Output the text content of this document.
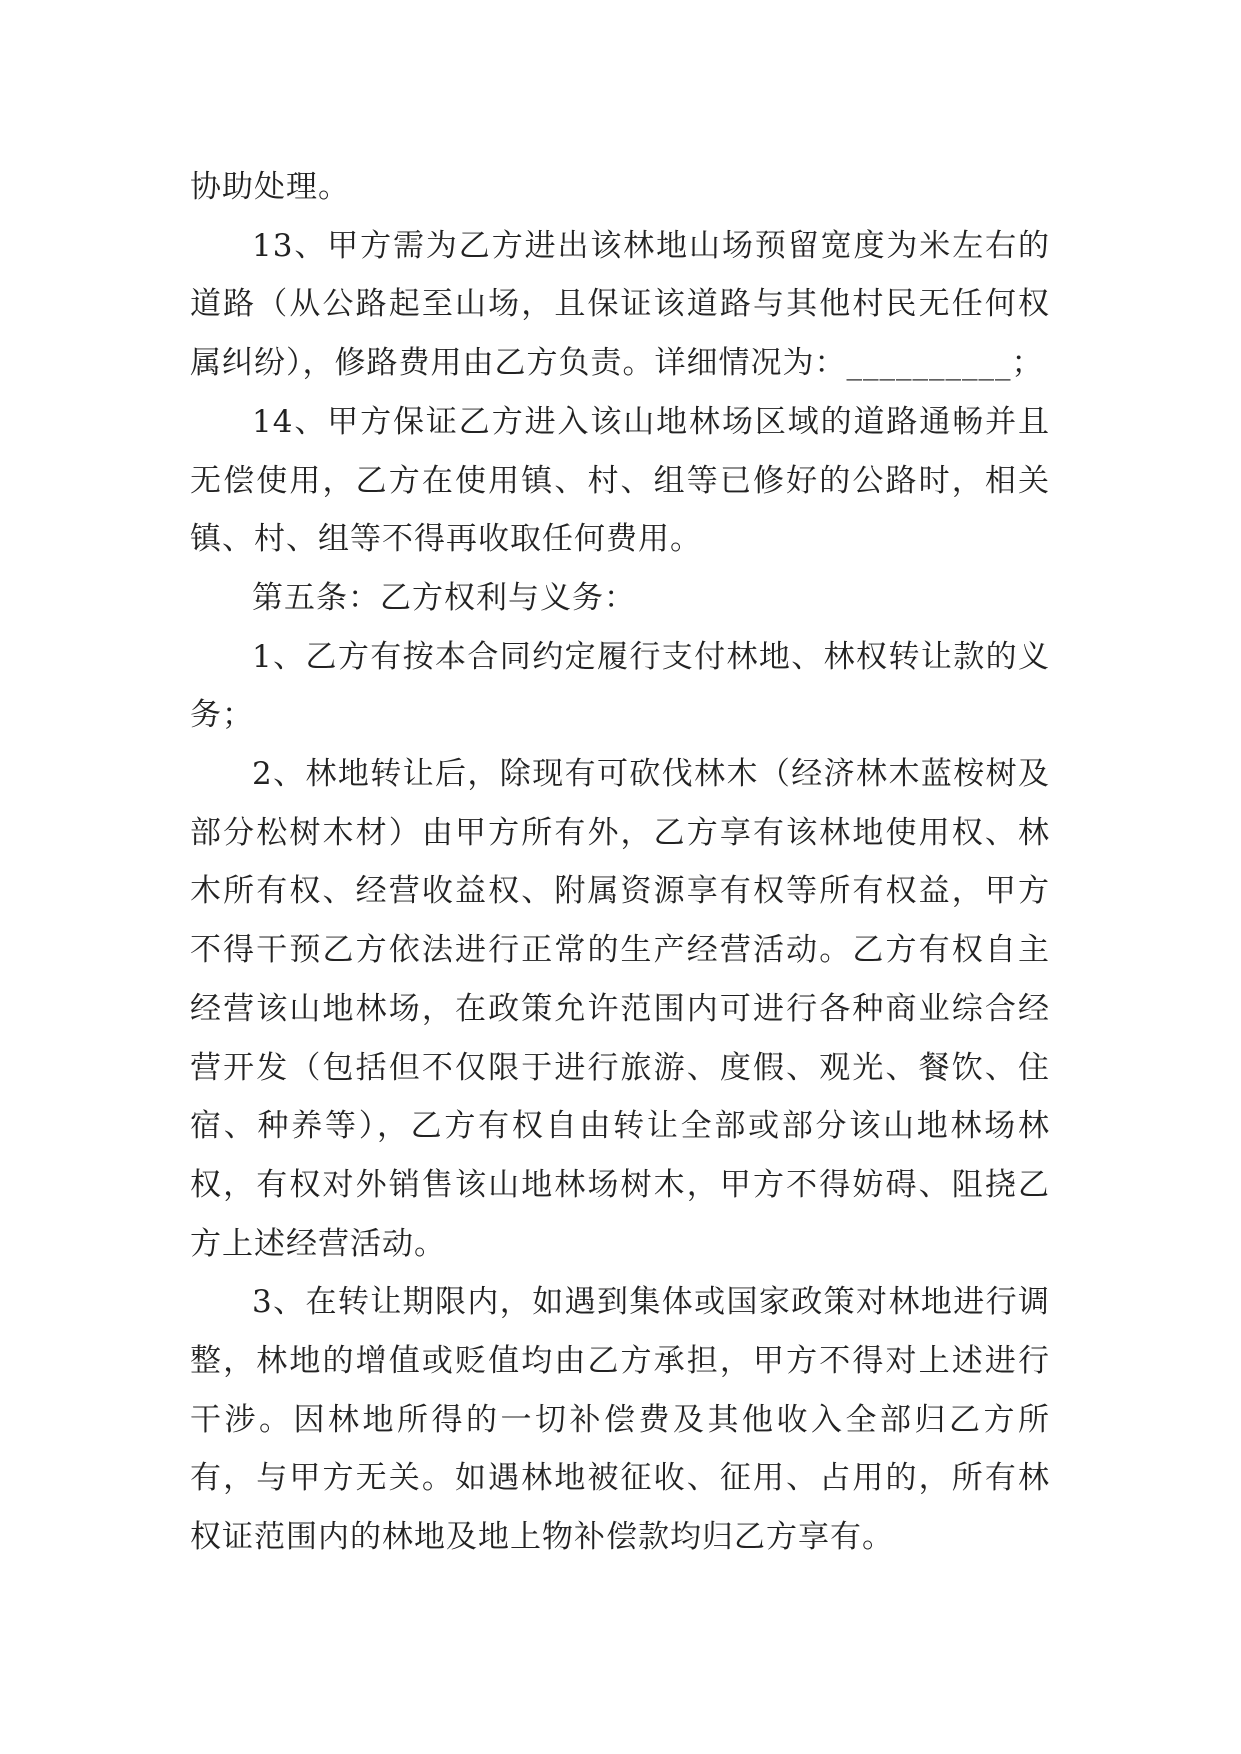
协助处理。

13、甲方需为乙方进出该林地山场预留宽度为米左右的道路（从公路起至山场，且保证该道路与其他村民无任何权属纠纷），修路费用由乙方负责。详细情况为：__________；

14、甲方保证乙方进入该山地林场区域的道路通畅并且无偿使用，乙方在使用镇、村、组等已修好的公路时，相关镇、村、组等不得再收取任何费用。

第五条：乙方权利与义务：

1、乙方有按本合同约定履行支付林地、林权转让款的义务；

2、林地转让后，除现有可砍伐林木（经济林木蓝桉树及部分松树木材）由甲方所有外，乙方享有该林地使用权、林木所有权、经营收益权、附属资源享有权等所有权益，甲方不得干预乙方依法进行正常的生产经营活动。乙方有权自主经营该山地林场，在政策允许范围内可进行各种商业综合经营开发（包括但不仅限于进行旅游、度假、观光、餐饮、住宿、种养等），乙方有权自由转让全部或部分该山地林场林权，有权对外销售该山地林场树木，甲方不得妨碍、阻挠乙方上述经营活动。

3、在转让期限内，如遇到集体或国家政策对林地进行调整，林地的增值或贬值均由乙方承担，甲方不得对上述进行干涉。因林地所得的一切补偿费及其他收入全部归乙方所有，与甲方无关。如遇林地被征收、征用、占用的，所有林权证范围内的林地及地上物补偿款均归乙方享有。
